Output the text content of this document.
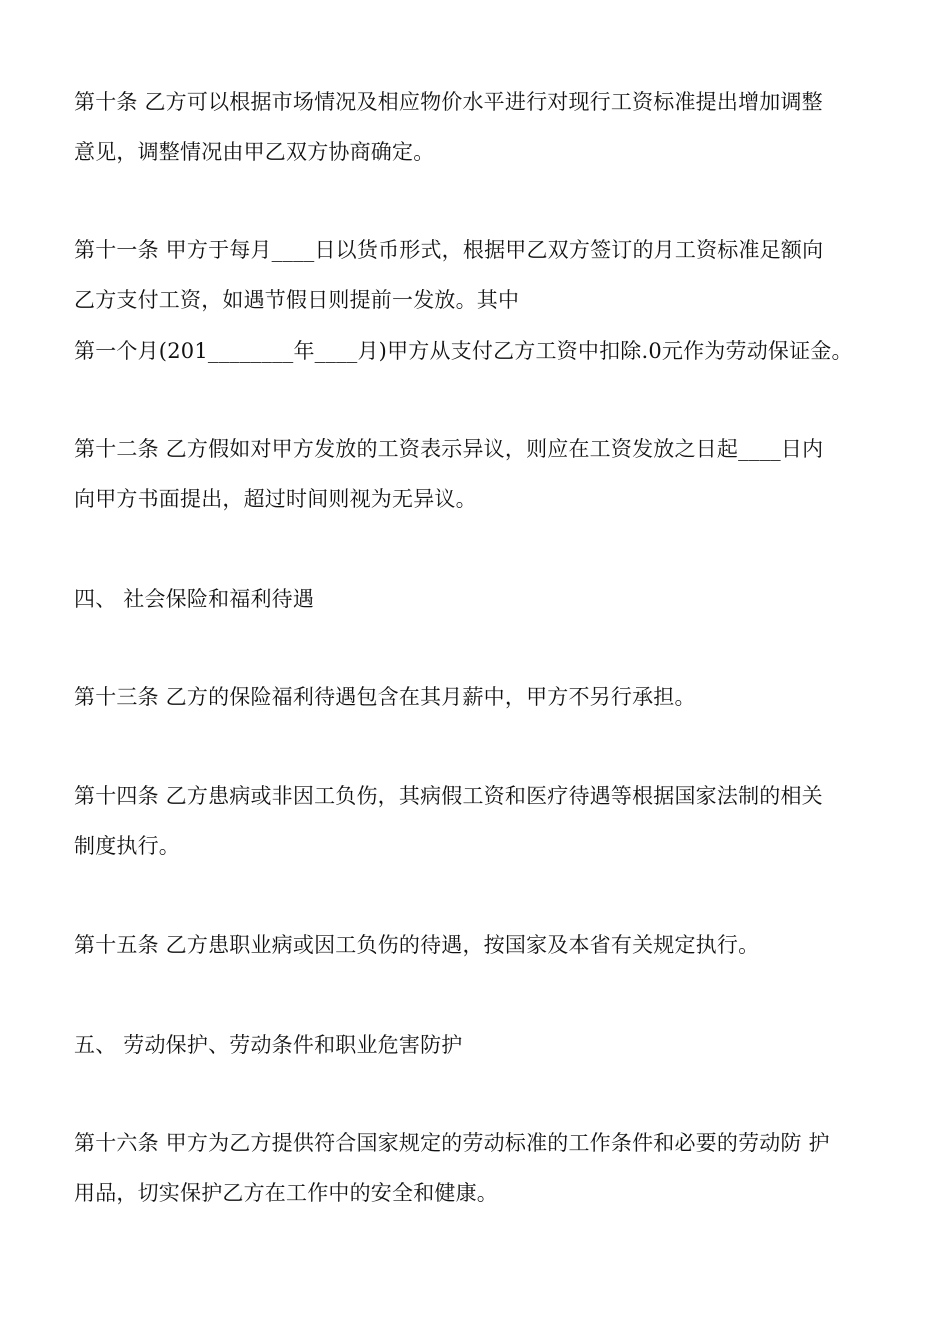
第十条 乙方可以根据市场情况及相应物价水平进行对现行工资标准提出增加调整
意见，调整情况由甲乙双方协商确定。
第十一条 甲方于每月____日以货币形式，根据甲乙双方签订的月工资标准足额向
乙方支付工资，如遇节假日则提前一发放。其中
第一个月(201________年____月)甲方从支付乙方工资中扣除.0元作为劳动保证金。
第十二条 乙方假如对甲方发放的工资表示异议，则应在工资发放之日起____日内
向甲方书面提出，超过时间则视为无异议。
四、 社会保险和福利待遇
第十三条 乙方的保险福利待遇包含在其月薪中，甲方不另行承担。
第十四条 乙方患病或非因工负伤，其病假工资和医疗待遇等根据国家法制的相关
制度执行。
第十五条 乙方患职业病或因工负伤的待遇，按国家及本省有关规定执行。
五、 劳动保护、劳动条件和职业危害防护
第十六条 甲方为乙方提供符合国家规定的劳动标准的工作条件和必要的劳动防 护
用品，切实保护乙方在工作中的安全和健康。
